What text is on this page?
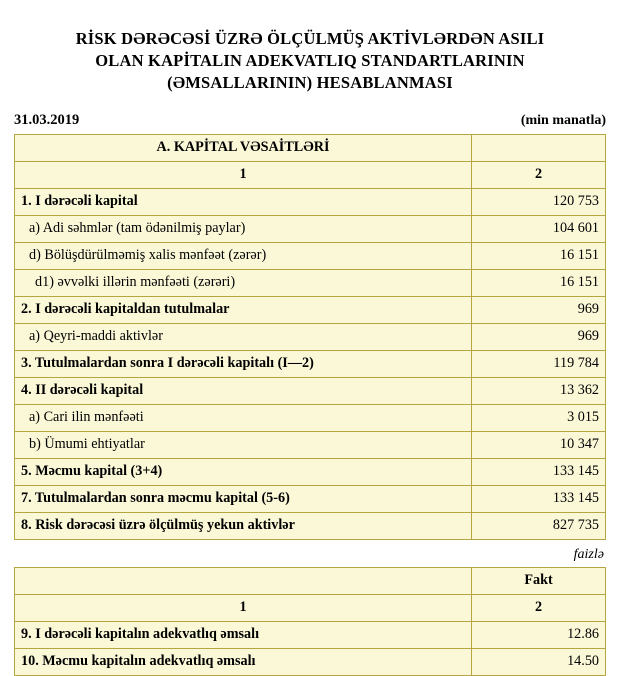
RİSK DƏRƏCƏSİ ÜZRƏ ÖLÇÜLMÜŞ AKTİVLƏRDƏN ASILI
OLAN KAPİTALIN ADEKVATLIQ STANDARTLARININ
(ƏMSALLARININ) HESABLANMASI
31.03.2019	(min manatla)
A. KAPİTAL VƏSAİTLƏRİ	
1	2
1. I dərəcəli kapital	120 753
a) Adi səhmlər (tam ödənilmiş paylar)	104 601
d) Bölüşdürülməmiş xalis mənfəət (zərər)	16 151
d1) əvvəlki illərin mənfəəti (zərəri)	16 151
2. I dərəcəli kapitaldan tutulmalar	969
a) Qeyri-maddi aktivlər	969
3. Tutulmalardan sonra I dərəcəli kapitalı (I—2)	119 784
4. II dərəcəli kapital	13 362
a) Cari ilin mənfəəti	3 015
b) Ümumi ehtiyatlar	10 347
5. Məcmu kapital (3+4)	133 145
7. Tutulmalardan sonra məcmu kapital (5-6)	133 145
8. Risk dərəcəsi üzrə ölçülmüş yekun aktivlər	827 735
faizlə
	Fakt
1	2
9. I dərəcəli kapitalın adekvatlıq əmsalı	12.86
10. Məcmu kapitalın adekvatlıq əmsalı	14.50
